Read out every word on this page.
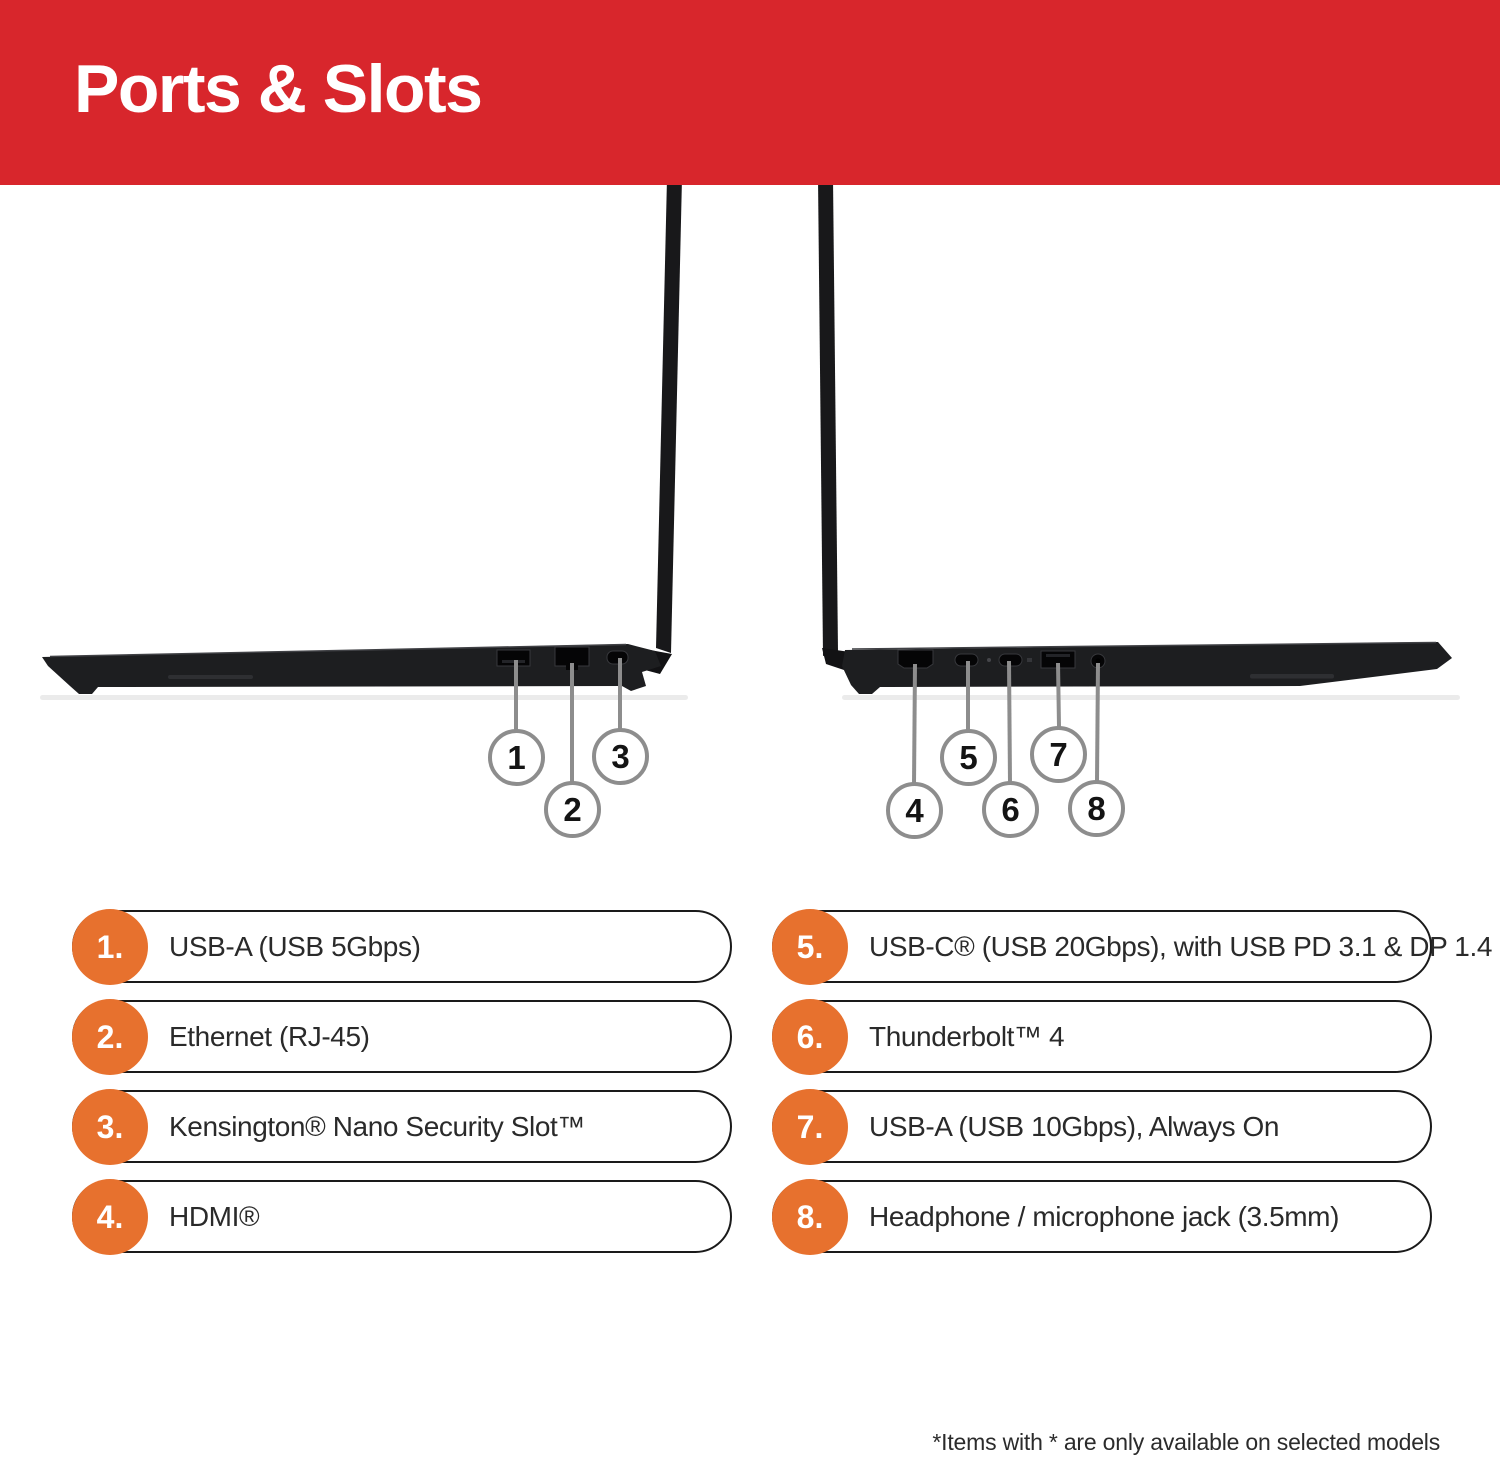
Ports & Slots
1
2
3
4
5
6
7
8
1.	USB-A (USB 5Gbps)
2.	Ethernet (RJ-45)
3.	Kensington® Nano Security Slot™
4.	HDMI®
5.	USB-C® (USB 20Gbps), with USB PD 3.1 & DP 1.4
6.	Thunderbolt™ 4
7.	USB-A (USB 10Gbps), Always On
8.	Headphone / microphone jack (3.5mm)
*Items with * are only available on selected models
